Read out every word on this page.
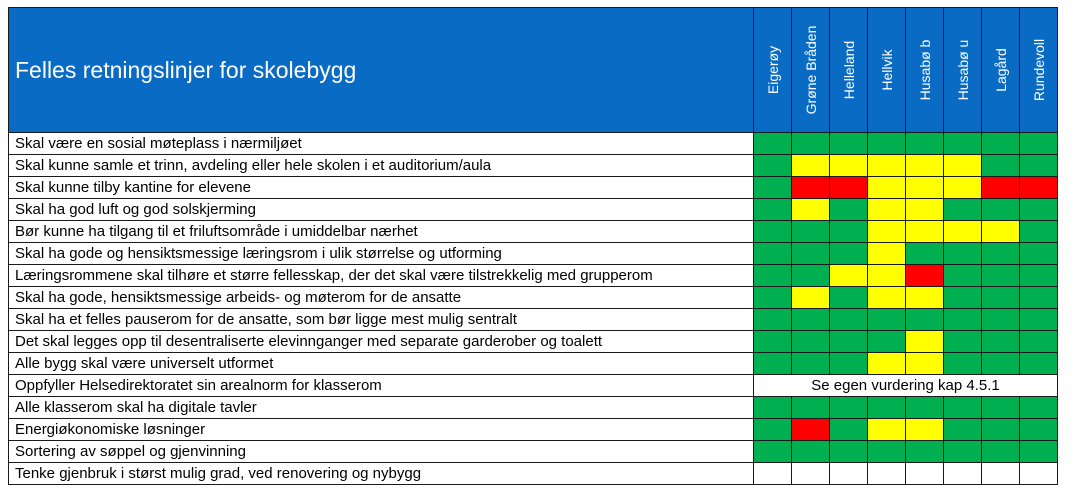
Felles retningslinjer for skolebygg	Eigerøy	Grøne Bråden	Helleland	Hellvik	Husabø b	Husabø u	Lagård	Rundevoll

Skal være en sosial møteplass i nærmiljøet								
Skal kunne samle et trinn, avdeling eller hele skolen i et auditorium/aula								
Skal kunne tilby kantine for elevene								
Skal ha god luft og god solskjerming								
Bør kunne ha tilgang til et friluftsområde i umiddelbar nærhet								
Skal ha gode og hensiktsmessige læringsrom i ulik størrelse og utforming								
Læringsrommene skal tilhøre et større fellesskap, der det skal være tilstrekkelig med grupperom								
Skal ha gode, hensiktsmessige arbeids- og møterom for de ansatte								
Skal ha et felles pauserom for de ansatte, som bør ligge mest mulig sentralt								
Det skal legges opp til desentraliserte elevinnganger med separate garderober og toalett								
Alle bygg skal være universelt utformet								
Oppfyller Helsedirektoratet sin arealnorm for klasserom	Se egen vurdering kap 4.5.1							
Alle klasserom skal ha digitale tavler								
Energiøkonomiske løsninger								
Sortering av søppel og gjenvinning								
Tenke gjenbruk i størst mulig grad, ved renovering og nybygg								
